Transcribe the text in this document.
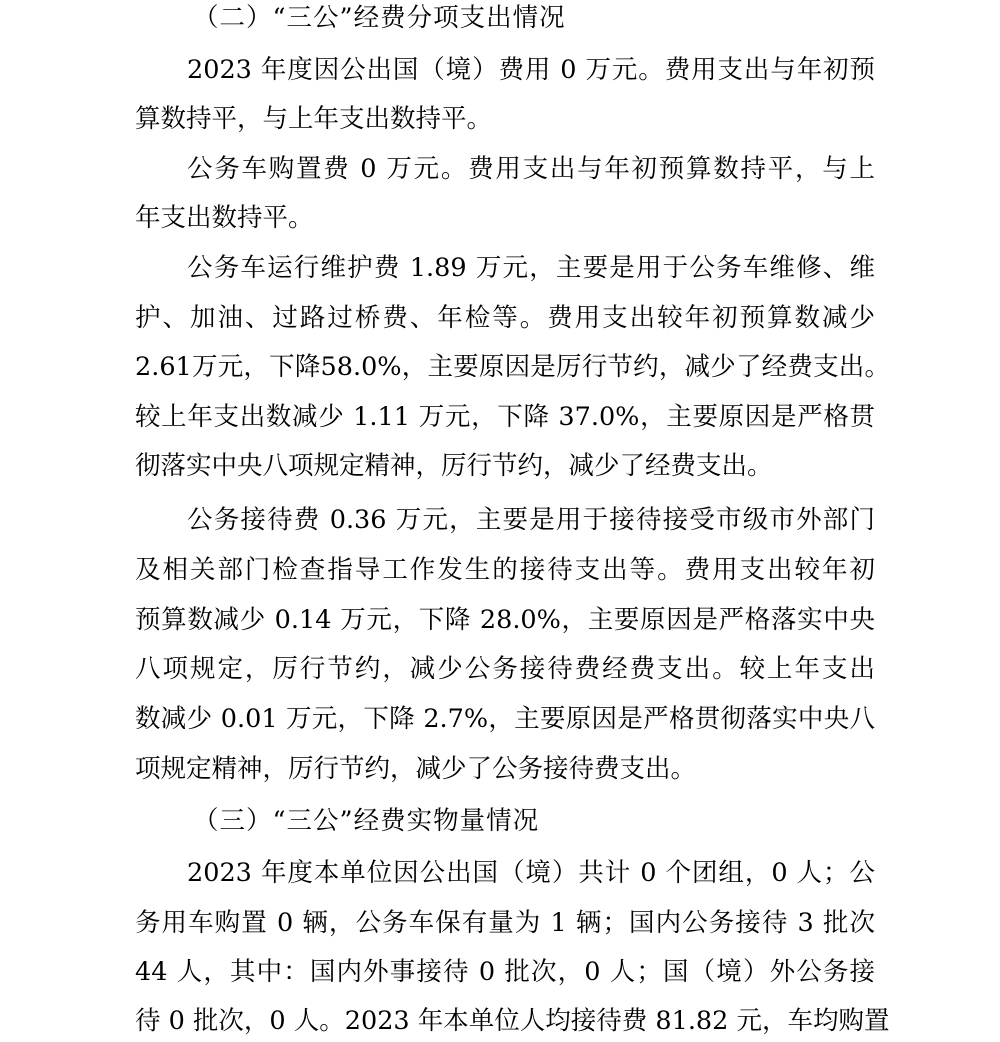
（二）“三公”经费分项支出情况
2023 年度因公出国（境）费用 0 万元。费用支出与年初预
算数持平，与上年支出数持平。
公务车购置费 0 万元。费用支出与年初预算数持平，与上
年支出数持平。
公务车运行维护费 1.89 万元，主要是用于公务车维修、维
护、加油、过路过桥费、年检等。费用支出较年初预算数减少
2.61万元，下降58.0%，主要原因是厉行节约，减少了经费支出。
较上年支出数减少 1.11 万元，下降 37.0%，主要原因是严格贯
彻落实中央八项规定精神，厉行节约，减少了经费支出。
公务接待费 0.36 万元，主要是用于接待接受市级市外部门
及相关部门检查指导工作发生的接待支出等。费用支出较年初
预算数减少 0.14 万元，下降 28.0%，主要原因是严格落实中央
八项规定，厉行节约，减少公务接待费经费支出。较上年支出
数减少 0.01 万元，下降 2.7%，主要原因是严格贯彻落实中央八
项规定精神，厉行节约，减少了公务接待费支出。
（三）“三公”经费实物量情况
2023 年度本单位因公出国（境）共计 0 个团组，0 人；公
务用车购置 0 辆，公务车保有量为 1 辆；国内公务接待 3 批次
44 人，其中：国内外事接待 0 批次，0 人；国（境）外公务接
待 0 批次，0 人。2023 年本单位人均接待费 81.82 元，车均购置
